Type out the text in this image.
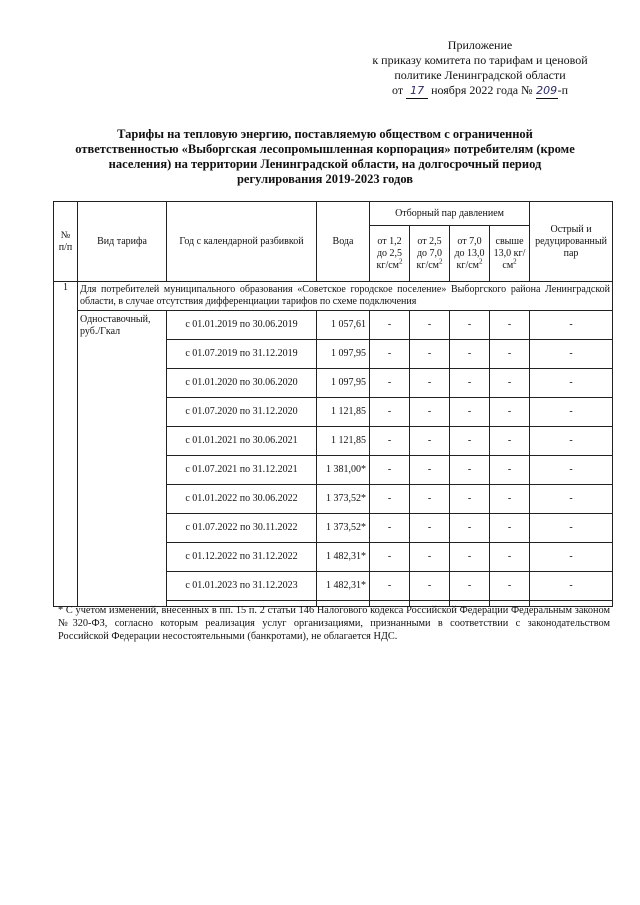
Приложение
к приказу комитета по тарифам и ценовой
политике Ленинградской области
от 17 ноября 2022 года № 209-п
Тарифы на тепловую энергию, поставляемую обществом с ограниченной ответственностью «Выборгская лесопромышленная корпорация» потребителям (кроме населения) на территории Ленинградской области, на долгосрочный период регулирования 2019-2023 годов
№ п/п	Вид тарифа	Год с календарной разбивкой	Вода	Отборный пар давлением				Острый и редуцированный пар
				от 1,2 до 2,5 $кг/см^2$	от 2,5 до 7,0 $кг/см^2$	от 7,0 до 13,0 $кг/см^2$	свыше 13,0 $кг/см^2$
1	Для потребителей муниципального образования «Советское городское поселение» Выборгского района Ленинградской области, в случае отсутствия дифференциации тарифов по схеме подключения							
	Одноставочный, руб./Гкал	с 01.01.2019 по 30.06.2019	1 057,61	-	-	-	-	-
		с 01.07.2019 по 31.12.2019	1 097,95	-	-	-	-	-
		с 01.01.2020 по 30.06.2020	1 097,95	-	-	-	-	-
		с 01.07.2020 по 31.12.2020	1 121,85	-	-	-	-	-
		с 01.01.2021 по 30.06.2021	1 121,85	-	-	-	-	-
		с 01.07.2021 по 31.12.2021	1 381,00*	-	-	-	-	-
		с 01.01.2022 по 30.06.2022	1 373,52*	-	-	-	-	-
		с 01.07.2022 по 30.11.2022	1 373,52*	-	-	-	-	-
		с 01.12.2022 по 31.12.2022	1 482,31*	-	-	-	-	-
		с 01.01.2023 по 31.12.2023	1 482,31*	-	-	-	-	-

* С учетом изменений, внесенных в пп. 15 п. 2 статьи 146 Налогового кодекса Российской Федерации Федеральным законом №320-ФЗ, согласно которым реализация услуг организациями, признанными в соответствии с законодательством Российской Федерации несостоятельными (банкротами), не облагается НДС.
